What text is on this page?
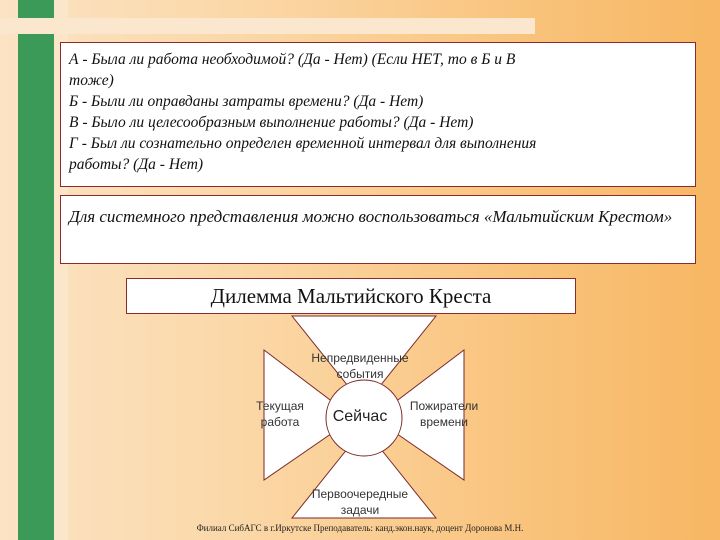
А - Была ли работа необходимой? (Да - Нет) (Если НЕТ, то в Б и В

тоже)

Б - Были ли оправданы затраты времени? (Да - Нет)

В - Было ли целесообразным выполнение работы? (Да - Нет)

Г - Был ли сознательно определен временной интервал для выполнения

работы? (Да - Нет)

Для системного представления можно воспользоваться «Мальтийским Крестом»

Дилемма Мальтийского Креста
Непредвиденные
события
Текущая
работа
Пожиратели
времени
Первоочередные
задачи
Сейчас
Филиал СибАГС в г.Иркутске Преподаватель: канд.экон.наук, доцент Доронова М.Н.
